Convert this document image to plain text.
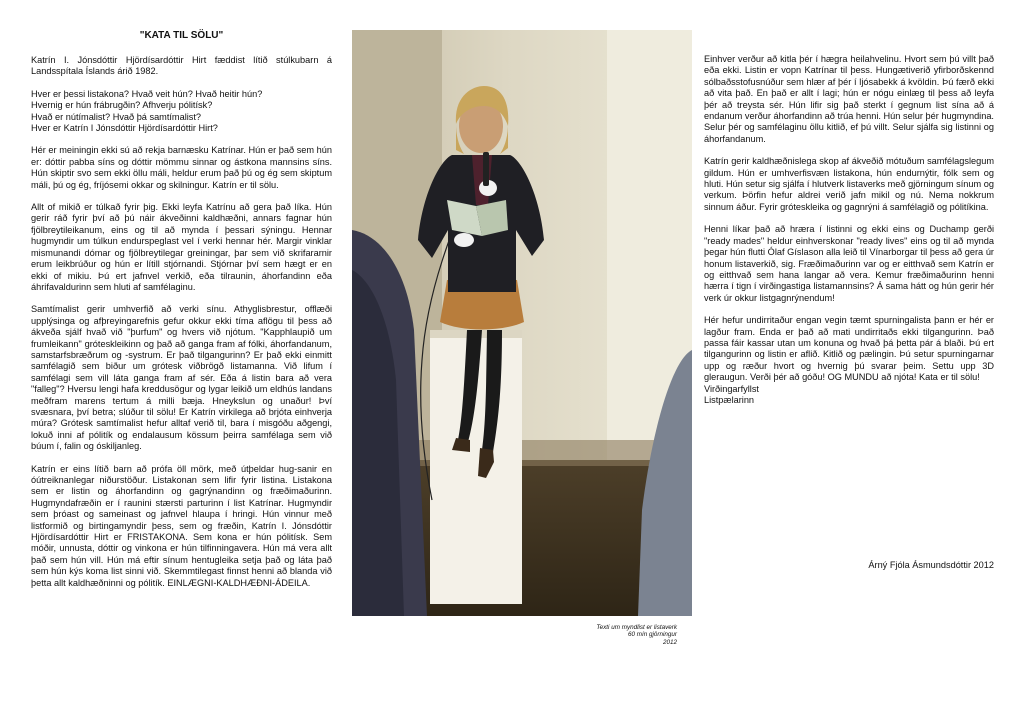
"KATA TIL SÖLU"

Katrín I. Jónsdóttir Hjördísardóttir Hirt fæddist lítið stúlkubarn á Landsspítala Íslands árið 1982.

Hver er þessi listakona? Hvað veit hún? Hvað heitir hún?
Hvernig er hún frábrugðin? Afhverju pólitísk?
Hvað er nútímalist? Hvað þá samtímalist?
Hver er Katrín I Jónsdóttir Hjördísardóttir Hirt?

Hér er meiningin ekki sú að rekja barnæsku Katrínar. Hún er það sem hún er: dóttir pabba síns og dóttir mömmu sinnar og ástkona mannsins síns. Hún skiptir svo sem ekki öllu máli, heldur erum það þú og ég sem skiptum máli, þú og ég, fríjósemi okkar og skilningur. Katrín er til sölu.

Allt of mikið er túlkað fyrir þig. Ekki leyfa Katrínu að gera það líka. Hún gerir ráð fyrir því að þú náir ákveðinni kaldhæðni, annars fagnar hún fjölbreytileikanum, eins og til að mynda í þessari sýningu. Hennar hugmyndir um túlkun endurspeglast vel í verki hennar hér. Margir vinklar mismunandi dómar og fjölbreytilegar greiningar, þar sem við skrifararnir erum leikbrúður og hún er lítill stjórnandi. Stjórnar því sem hægt er en ekki of mikiu. Þú ert jafnvel verkið, eða tilraunin, áhorfandinn eða áhrifavaldurinn sem hluti af samfélaginu.

Samtímalist gerir umhverfið að verki sínu. Athyglisbrestur, offlæði upplýsinga og afþreyingarefnis gefur okkur ekki tíma aflögu til þess að ákveða sjálf hvað við "þurfum" og hvers við njótum. "Kapphlaupið um frumleikann" gróteskleikinn og það að ganga fram af fólki, áhorfandanum, samstarfsbræðrum og -systrum. Er það tilgangurinn? Er það ekki einmitt samfélagið sem biður um grótesk viðbrögð listamanna. Við lifum í samfélagi sem vill láta ganga fram af sér. Eða á listin bara að vera "falleg"? Hversu lengi hafa kreddusögur og lygar leikið um eldhús landans meðfram marens tertum á milli bæja. Hneykslun og unaður! Því svæsnara, því betra; slúður til sölu! Er Katrín virkilega að brjóta einhverja múra? Grótesk samtímalist hefur alltaf verið til, bara í misgóðu aðgengi, lokuð inni af pólitík og endalausum kössum þeirra samfélaga sem við búum í, falin og óskiljanleg.

Katrín er eins lítið barn að prófa öll mörk, með útþeldar hug-sanir en óútreiknanlegar niðurstöður. Listakonan sem lifir fyrir listina. Listakona sem er listin og áhorfandinn og gagrýnandinn og fræðimaðurinn. Hugmyndafræðin er í raunini stærsti parturinn í list Katrínar. Hugmyndir sem þróast og sameinast og jafnvel hlaupa í hringi. Hún vinnur með listformið og birtingamyndir þess, sem og fræðin, Katrín I. Jónsdóttir Hjördísardóttir Hirt er FRISTAKONA. Sem kona er hún pólitísk. Sem móðir, unnusta, dóttir og vinkona er hún tilfinningavera. Hún má vera allt það sem hún vill. Hún má eftir sínum hentugleika setja það og láta það sem hún kýs koma list sinni við. Skemmtilegast finnst henni að blanda við þetta allt kaldhæðninni og pólitík. EINLÆGNI-KALDHÆÐNI-ÁDEILA.

Texti um myndlist er listaverk
60 mín gjörningur
2012

Einhver verður að kitla þér í hægra heilahvelinu. Hvort sem þú villt það eða ekki. Listin er vopn Katrínar til þess. Hungætiverið yfirborðskennd sólbaðsstofusnúður sem hlær af þér í ljósabekk á kvöldin. Þú færð ekki að vita það. En það er allt í lagi; hún er nógu einlæg til þess að leyfa þér að treysta sér. Hún lifir sig það sterkt í gegnum list sína að á endanum verður áhorfandinn að trúa henni. Hún selur þér hugmyndina. Selur þér og samfélaginu öllu kitlið, ef þú villt. Selur sjálfa sig listinni og áhorfandanum.

Katrín gerir kaldhæðnislega skop af ákveðið mótuðum samfélagslegum gildum. Hún er umhverfisvæn listakona, hún endurnýtir, fólk sem og hluti. Hún setur sig sjálfa í hlutverk listaverks með gjörningum sínum og verkum. Þörfin hefur aldrei verið jafn mikil og nú. Nema nokkrum sinnum áður. Fyrir gróteskleika og gagnrýni á samfélagið og pólitíkina.

Henni líkar það að hræra í listinni og ekki eins og Duchamp gerði "ready mades" heldur einhverskonar "ready lives" eins og til að mynda þegar hún flutti Ólaf Gíslason alla leið til Vínarborgar til þess að gera úr honum listaverkið, sig. Fræðimaðurinn var og er eitthvað sem Katrín er og eitthvað sem hana langar að vera. Kemur fræðimaðurinn henni hærra í tign í virðingastiga listamannsins? Á sama hátt og hún gerir hér verk úr okkur listgagnrýnendum!

Hér hefur undirritaður engan vegin tæmt spurningalista þann er hér er lagður fram. Enda er það að mati undirritaðs ekki tilgangurinn. Það passa fáir kassar utan um konuna og hvað þá þetta pár á blaði. Þú ert tilgangurinn og listin er aflið. Kitlið og pælingin. Þú setur spurningarnar upp og ræður hvort og hvernig þú svarar þeim. Settu upp 3D gleraugun. Verði þér að góðu! OG MUNDU að njóta! Kata er til sölu!
Virðingarfyllst
Listpælarinn

Árný Fjóla Ásmundsdóttir 2012
